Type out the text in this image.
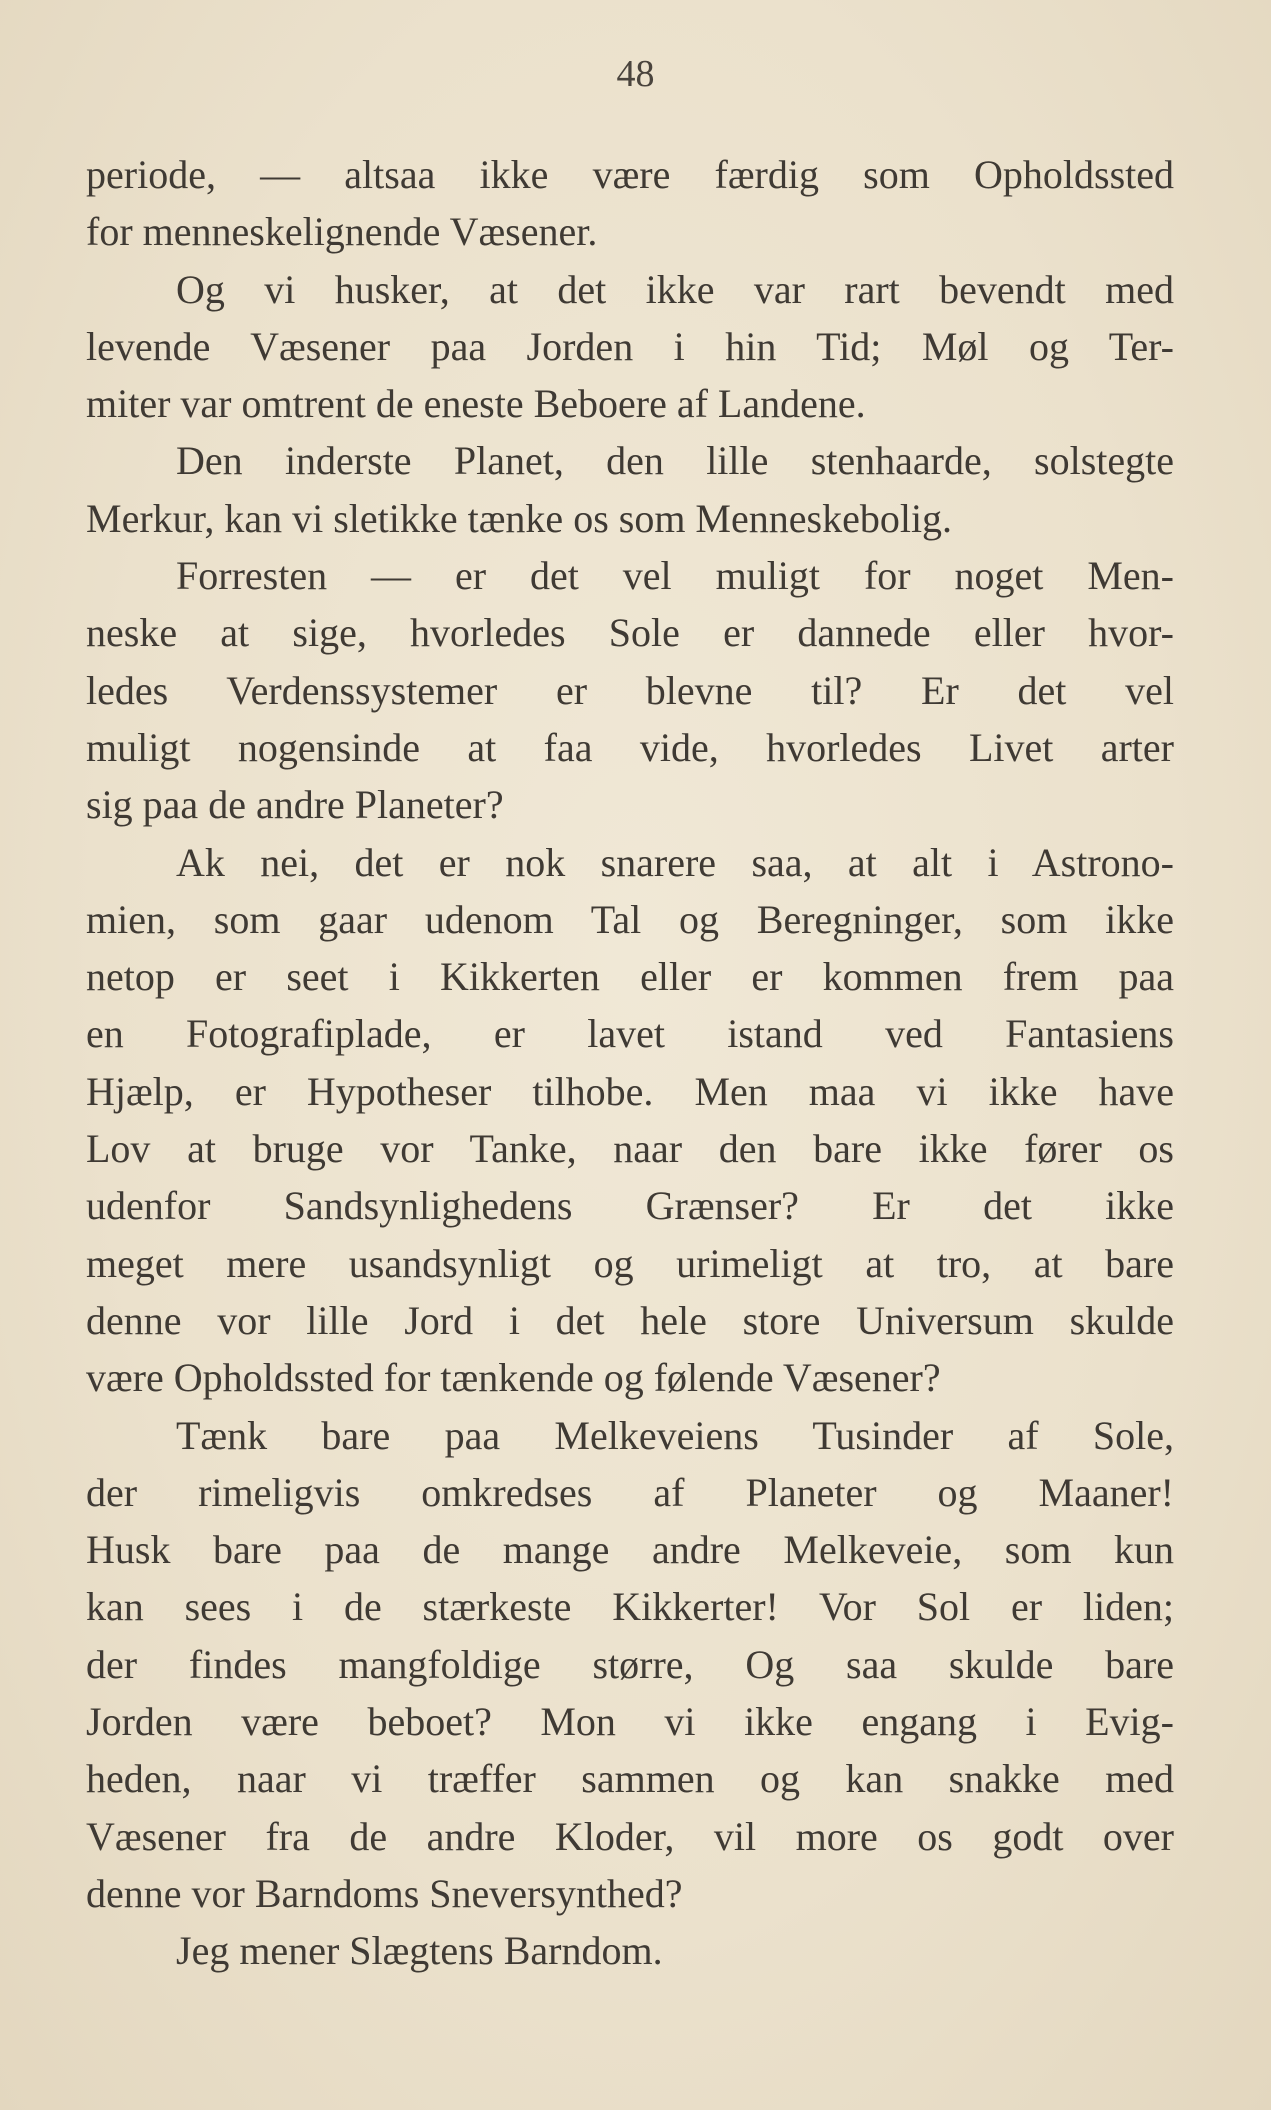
48
periode, — altsaa ikke være færdig som Opholdssted
for menneskelignende Væsener.
Og vi husker, at det ikke var rart bevendt med
levende Væsener paa Jorden i hin Tid; Møl og Ter-
miter var omtrent de eneste Beboere af Landene.
Den inderste Planet, den lille stenhaarde, solstegte
Merkur, kan vi sletikke tænke os som Menneskebolig.
Forresten — er det vel muligt for noget Men-
neske at sige, hvorledes Sole er dannede eller hvor-
ledes Verdenssystemer er blevne til? Er det vel
muligt nogensinde at faa vide, hvorledes Livet arter
sig paa de andre Planeter?
Ak nei, det er nok snarere saa, at alt i Astrono-
mien, som gaar udenom Tal og Beregninger, som ikke
netop er seet i Kikkerten eller er kommen frem paa
en Fotografiplade, er lavet istand ved Fantasiens
Hjælp, er Hypotheser tilhobe. Men maa vi ikke have
Lov at bruge vor Tanke, naar den bare ikke fører os
udenfor Sandsynlighedens Grænser? Er det ikke
meget mere usandsynligt og urimeligt at tro, at bare
denne vor lille Jord i det hele store Universum skulde
være Opholdssted for tænkende og følende Væsener?
Tænk bare paa Melkeveiens Tusinder af Sole,
der rimeligvis omkredses af Planeter og Maaner!
Husk bare paa de mange andre Melkeveie, som kun
kan sees i de stærkeste Kikkerter! Vor Sol er liden;
der findes mangfoldige større, Og saa skulde bare
Jorden være beboet? Mon vi ikke engang i Evig-
heden, naar vi træffer sammen og kan snakke med
Væsener fra de andre Kloder, vil more os godt over
denne vor Barndoms Sneversynthed?
Jeg mener Slægtens Barndom.
